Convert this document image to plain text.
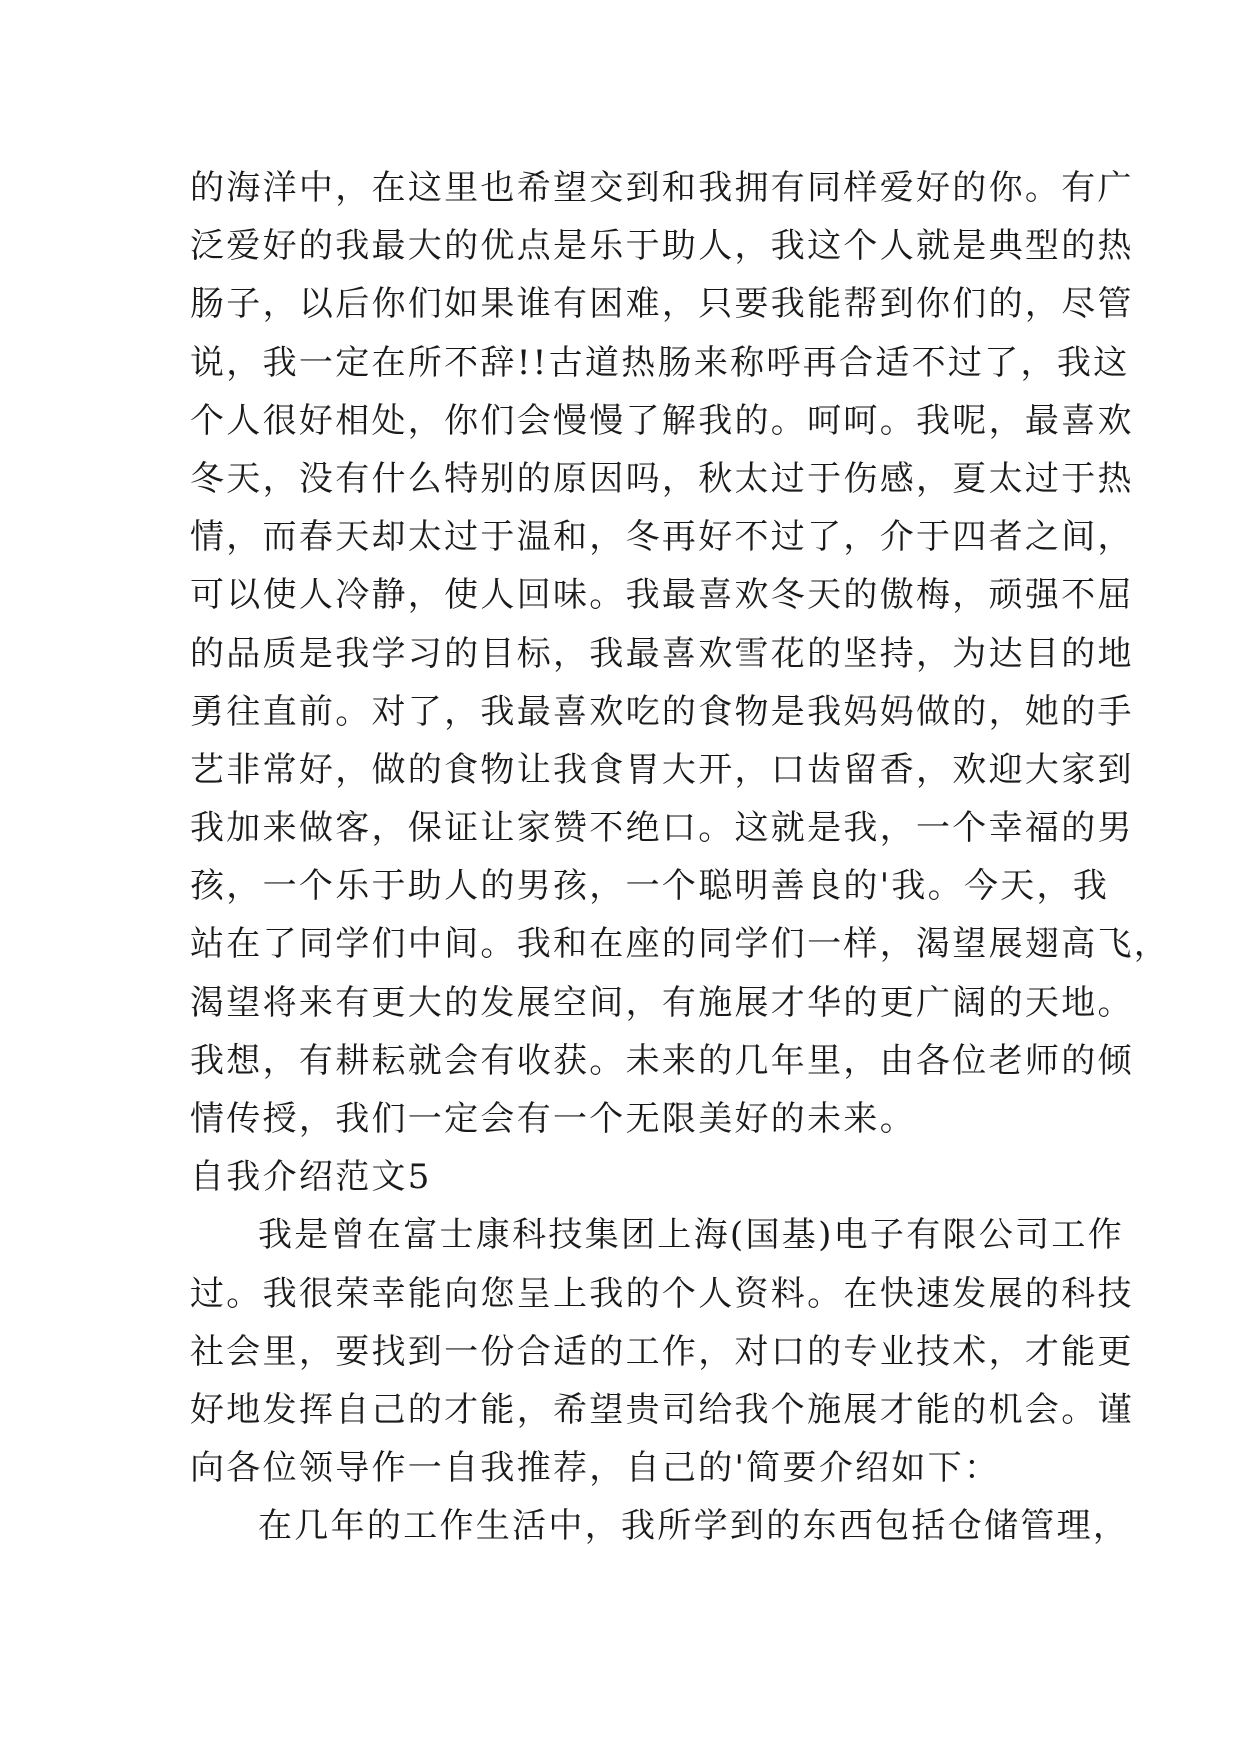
的海洋中，在这里也希望交到和我拥有同样爱好的你。有广
泛爱好的我最大的优点是乐于助人，我这个人就是典型的热
肠子，以后你们如果谁有困难，只要我能帮到你们的，尽管
说，我一定在所不辞!!古道热肠来称呼再合适不过了，我这
个人很好相处，你们会慢慢了解我的。呵呵。我呢，最喜欢
冬天，没有什么特别的原因吗，秋太过于伤感，夏太过于热
情，而春天却太过于温和，冬再好不过了，介于四者之间，
可以使人冷静，使人回味。我最喜欢冬天的傲梅，顽强不屈
的品质是我学习的目标，我最喜欢雪花的坚持，为达目的地
勇往直前。对了，我最喜欢吃的食物是我妈妈做的，她的手
艺非常好，做的食物让我食胃大开，口齿留香，欢迎大家到
我加来做客，保证让家赞不绝口。这就是我，一个幸福的男
孩，一个乐于助人的男孩，一个聪明善良的'我。今天，我
站在了同学们中间。我和在座的同学们一样，渴望展翅高飞，
渴望将来有更大的发展空间，有施展才华的更广阔的天地。
我想，有耕耘就会有收获。未来的几年里，由各位老师的倾
情传授，我们一定会有一个无限美好的未来。
自我介绍范文5
我是曾在富士康科技集团上海(国基)电子有限公司工作
过。我很荣幸能向您呈上我的个人资料。在快速发展的科技
社会里，要找到一份合适的工作，对口的专业技术，才能更
好地发挥自己的才能，希望贵司给我个施展才能的机会。谨
向各位领导作一自我推荐，自己的'简要介绍如下：
在几年的工作生活中，我所学到的东西包括仓储管理，
